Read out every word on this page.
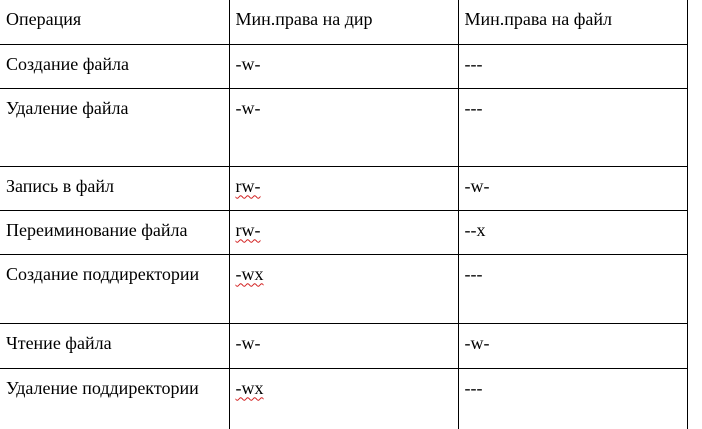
Операция	Мин.права на дир	Мин.права на файл
Создание файла	-w-	---
Удаление файла	-w-	---
Запись в файл	rw-	-w-
Переиминование файла	rw-	--x
Создание поддиректории	-wx	---
Чтение файла	-w-	-w-
Удаление поддиректории	-wx	---
